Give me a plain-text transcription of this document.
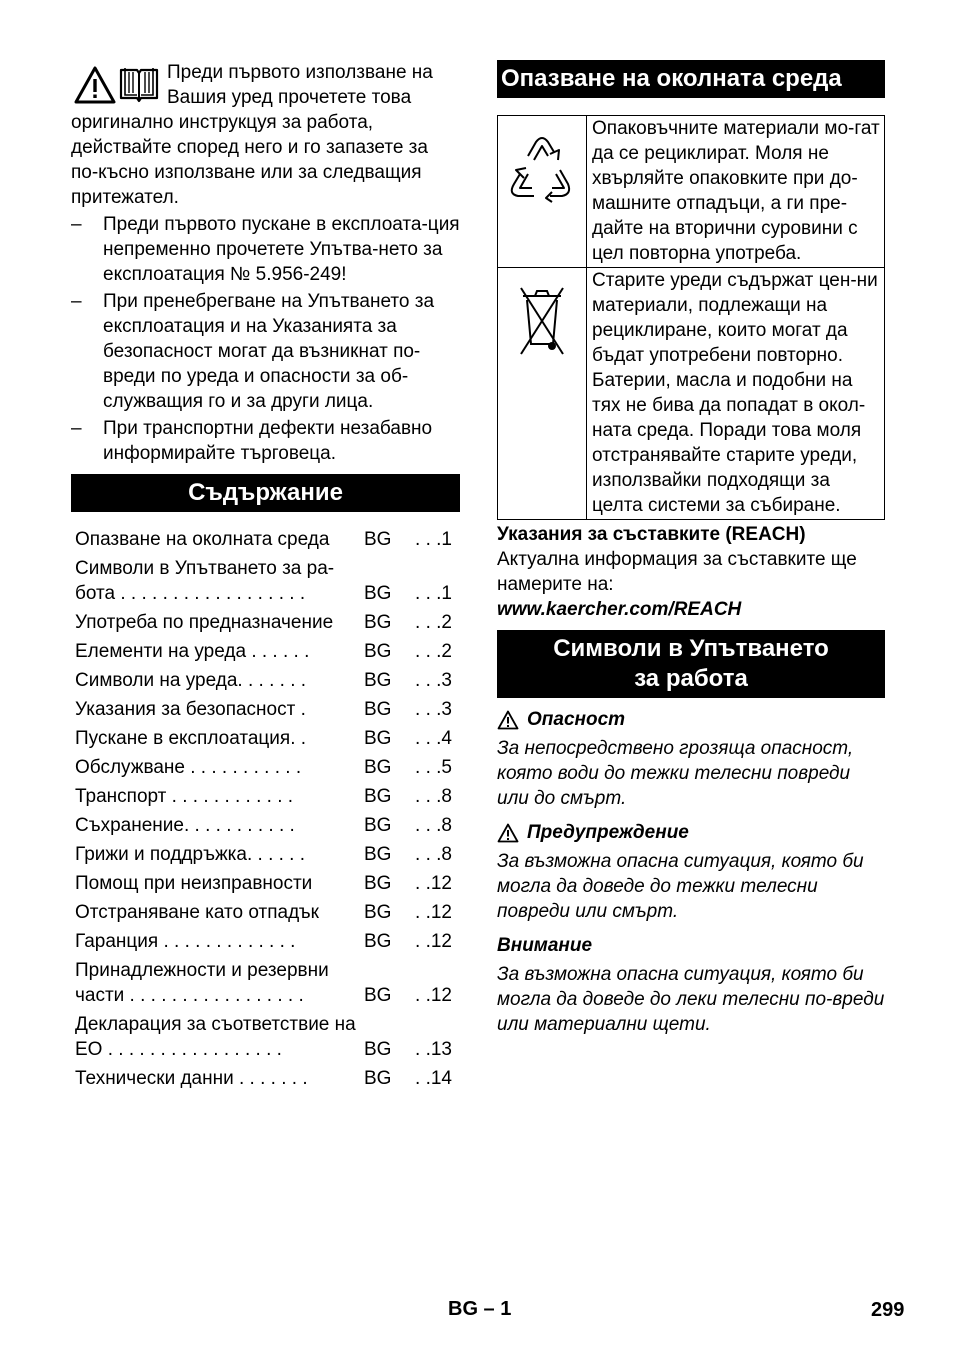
Преди първото използване на Вашия уред прочетете това оригинално инструкцуя за работа, действайте според него и го запазете за по-късно използване или за следващия притежател.

– Преди първото пускане в експлоата-ция непременно прочетете Упътва-нето за експлоатация № 5.956-249!
– При пренебрегване на Упътването за експлоатация и на Указанията за безопасност могат да възникнат по-вреди по уреда и опасности за об-служващия го и за други лица.
– При транспортни дефекти незабавно информирайте търговеца.
Съдържание
Опазване на околната среда	BG	. . .1
Символи в Упътването за ра-бота . . . . . . . . . . . . . . . . . .	BG	. . .1
Употреба по предназначение	BG	. . .2
Елементи на уреда . . . . . .	BG	. . .2
Символи на уреда. . . . . . .	BG	. . .3
Указания за безопасност .	BG	. . .3
Пускане в експлоатация. .	BG	. . .4
Обслужване . . . . . . . . . . .	BG	. . .5
Транспорт . . . . . . . . . . . .	BG	. . .8
Съхранение. . . . . . . . . . .	BG	. . .8
Грижи и поддръжка. . . . . .	BG	. . .8
Помощ при неизправности	BG	. .12
Отстраняване като отпадък	BG	. .12
Гаранция . . . . . . . . . . . . .	BG	. .12
Принадлежности и резервни части . . . . . . . . . . . . . . . . .	BG	. .12
Декларация за съответствие на ЕО . . . . . . . . . . . . . . . . .	BG	. .13
Технически данни . . . . . . .	BG	. .14
Опазване на околната среда
Опаковъчните материали мо-гат да се рециклират. Моля не хвърляйте опаковките при до-машните отпадъци, а ги пре-дайте на вторични суровини с цел повторна употреба.
Старите уреди съдържат цен-ни материали, подлежащи на рециклиране, които могат да бъдат употребени повторно. Батерии, масла и подобни на тях не бива да попадат в окол-ната среда. Поради това моля отстранявайте старите уреди, използвайки подходящи за целта системи за събиране.
Указания за съставките (REACH)
Актуална информация за съставките ще намерите на:
www.kaercher.com/REACH
Символи в Упътването
за работа
Опасност
За непосредствено грозяща опасност, която води до тежки телесни повреди или до смърт.
Предупреждение
За възможна опасна ситуация, която би могла да доведе до тежки телесни повреди или смърт.
Внимание
За възможна опасна ситуация, която би могла да доведе до леки телесни по-вреди или материални щети.
BG – 1	299
